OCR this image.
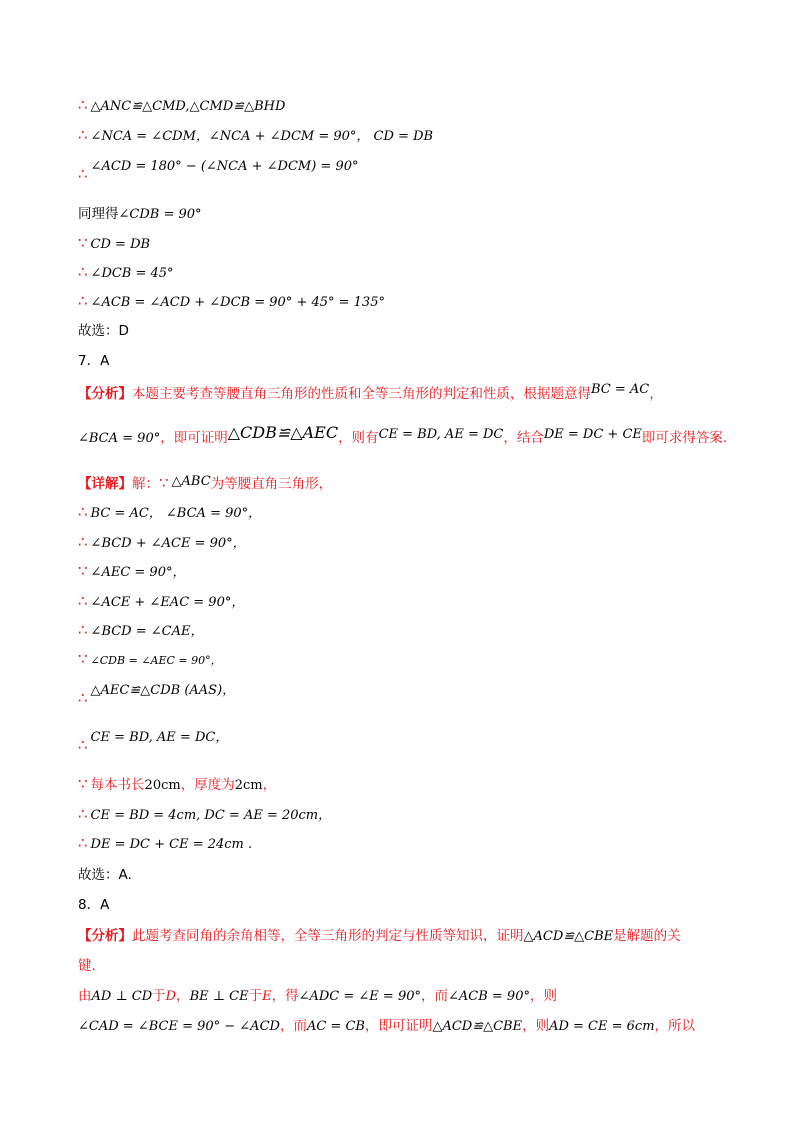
∴ △ANC≌△CMD,△CMD≌△BHD
∴ ∠NCA = ∠CDM，∠NCA + ∠DCM = 90°， CD = DB
∴ ∠ACD = 180° − (∠NCA + ∠DCM) = 90°
同理得∠CDB = 90°
∵ CD = DB
∴ ∠DCB = 45°
∴ ∠ACB = ∠ACD + ∠DCB = 90° + 45° = 135°
故选：D
7．A
【分析】本题主要考查等腰直角三角形的性质和全等三角形的判定和性质，根据题意得BC = AC，
∠BCA = 90°，即可证明△CDB≌△AEC，则有CE = BD, AE = DC，结合DE = DC + CE即可求得答案.
【详解】解：∵ △ABC为等腰直角三角形，
∴ BC = AC， ∠BCA = 90°，
∴ ∠BCD + ∠ACE = 90°，
∵ ∠AEC = 90°，
∴ ∠ACE + ∠EAC = 90°，
∴ ∠BCD = ∠CAE，
∵ ∠CDB = ∠AEC = 90°，
∴ △AEC≌△CDB (AAS)，
∴ CE = BD, AE = DC，
∵ 每本书长20cm，厚度为2cm，
∴ CE = BD = 4cm, DC = AE = 20cm，
∴ DE = DC + CE = 24cm .
故选：A.
8．A
【分析】此题考查同角的余角相等，全等三角形的判定与性质等知识，证明△ACD≌△CBE是解题的关
键.
由AD ⊥ CD于D，BE ⊥ CE于E，得∠ADC = ∠E = 90°，而∠ACB = 90°，则
∠CAD = ∠BCE = 90° − ∠ACD，而AC = CB，即可证明△ACD≌△CBE，则AD = CE = 6cm，所以
